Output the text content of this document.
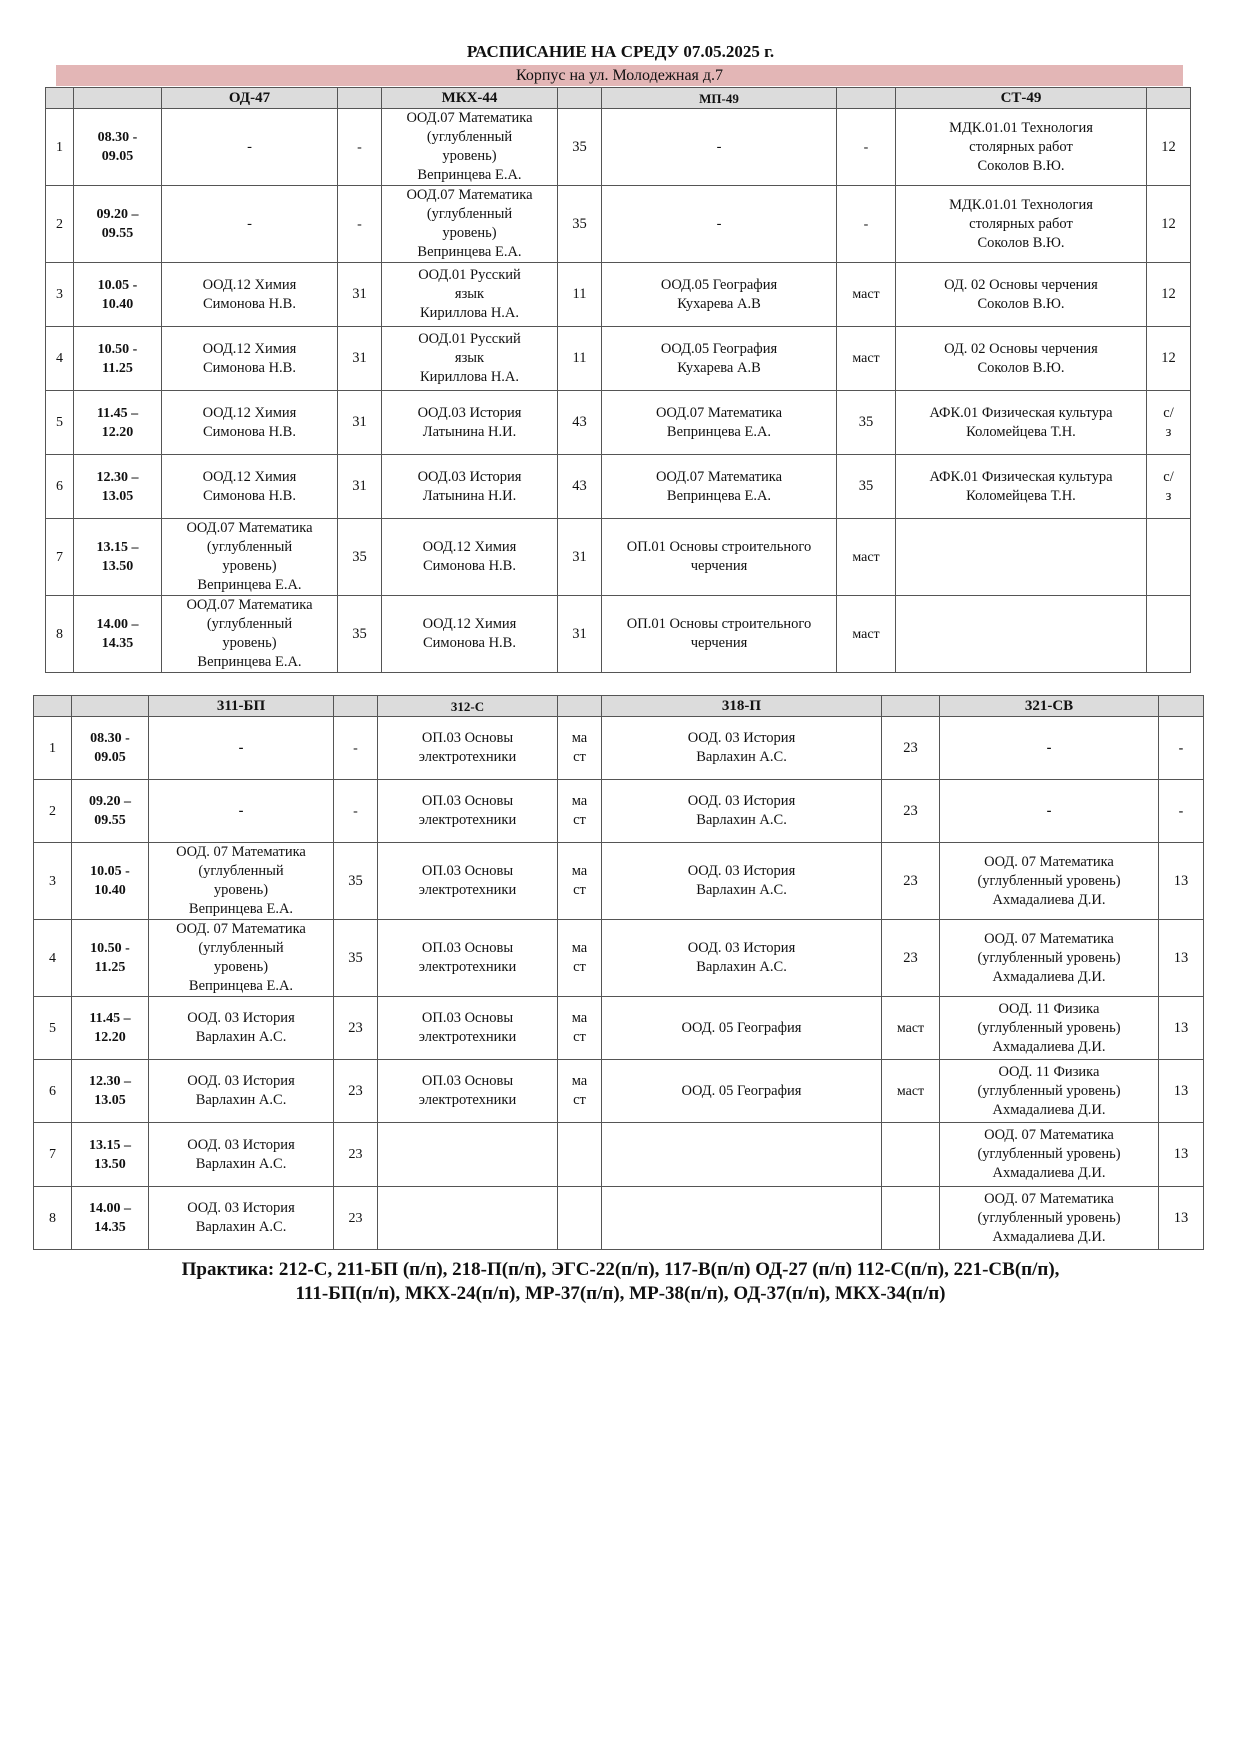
РАСПИСАНИЕ НА СРЕДУ 07.05.2025 г.
Корпус на ул. Молодежная д.7
		ОД-47		МКХ-44		МП-49		СТ-49	
1	08.30 -
09.05	-	-	ООД.07 Математика
(углубленный
уровень)
Вепринцева Е.А.	35	-	-	МДК.01.01 Технология
столярных работ
Соколов В.Ю.	12
2	09.20 –
09.55	-	-	ООД.07 Математика
(углубленный
уровень)
Вепринцева Е.А.	35	-	-	МДК.01.01 Технология
столярных работ
Соколов В.Ю.	12
3	10.05 -
10.40	ООД.12 Химия
Симонова Н.В.	31	ООД.01 Русский
язык
Кириллова Н.А.	11	ООД.05 География
Кухарева А.В	маст	ОД. 02 Основы черчения
Соколов В.Ю.	12
4	10.50 -
11.25	ООД.12 Химия
Симонова Н.В.	31	ООД.01 Русский
язык
Кириллова Н.А.	11	ООД.05 География
Кухарева А.В	маст	ОД. 02 Основы черчения
Соколов В.Ю.	12
5	11.45 –
12.20	ООД.12 Химия
Симонова Н.В.	31	ООД.03 История
Латынина Н.И.	43	ООД.07 Математика
Вепринцева Е.А.	35	АФК.01 Физическая культура
Коломейцева Т.Н.	с/
з
6	12.30 –
13.05	ООД.12 Химия
Симонова Н.В.	31	ООД.03 История
Латынина Н.И.	43	ООД.07 Математика
Вепринцева Е.А.	35	АФК.01 Физическая культура
Коломейцева Т.Н.	с/
з
7	13.15 –
13.50	ООД.07 Математика
(углубленный
уровень)
Вепринцева Е.А.	35	ООД.12 Химия
Симонова Н.В.	31	ОП.01 Основы строительного
черчения	маст		
8	14.00 –
14.35	ООД.07 Математика
(углубленный
уровень)
Вепринцева Е.А.	35	ООД.12 Химия
Симонова Н.В.	31	ОП.01 Основы строительного
черчения	маст		
		311-БП		312-С		318-П		321-СВ	
1	08.30 -
09.05	-	-	ОП.03 Основы
электротехники	ма
ст	ООД. 03 История
Варлахин А.С.	23	-	-
2	09.20 –
09.55	-	-	ОП.03 Основы
электротехники	ма
ст	ООД. 03 История
Варлахин А.С.	23	-	-
3	10.05 -
10.40	ООД. 07 Математика
(углубленный
уровень)
Вепринцева Е.А.	35	ОП.03 Основы
электротехники	ма
ст	ООД. 03 История
Варлахин А.С.	23	ООД. 07 Математика
(углубленный уровень)
Ахмадалиева Д.И.	13
4	10.50 -
11.25	ООД. 07 Математика
(углубленный
уровень)
Вепринцева Е.А.	35	ОП.03 Основы
электротехники	ма
ст	ООД. 03 История
Варлахин А.С.	23	ООД. 07 Математика
(углубленный уровень)
Ахмадалиева Д.И.	13
5	11.45 –
12.20	ООД. 03 История
Варлахин А.С.	23	ОП.03 Основы
электротехники	ма
ст	ООД. 05 География	маст	ООД. 11 Физика
(углубленный уровень)
Ахмадалиева Д.И.	13
6	12.30 –
13.05	ООД. 03 История
Варлахин А.С.	23	ОП.03 Основы
электротехники	ма
ст	ООД. 05 География	маст	ООД. 11 Физика
(углубленный уровень)
Ахмадалиева Д.И.	13
7	13.15 –
13.50	ООД. 03 История
Варлахин А.С.	23					ООД. 07 Математика
(углубленный уровень)
Ахмадалиева Д.И.	13
8	14.00 –
14.35	ООД. 03 История
Варлахин А.С.	23					ООД. 07 Математика
(углубленный уровень)
Ахмадалиева Д.И.	13
Практика: 212-С, 211-БП (п/п), 218-П(п/п), ЭГС-22(п/п), 117-В(п/п) ОД-27 (п/п) 112-С(п/п), 221-СВ(п/п),
111-БП(п/п), МКХ-24(п/п), МР-37(п/п), МР-38(п/п), ОД-37(п/п), МКХ-34(п/п)
